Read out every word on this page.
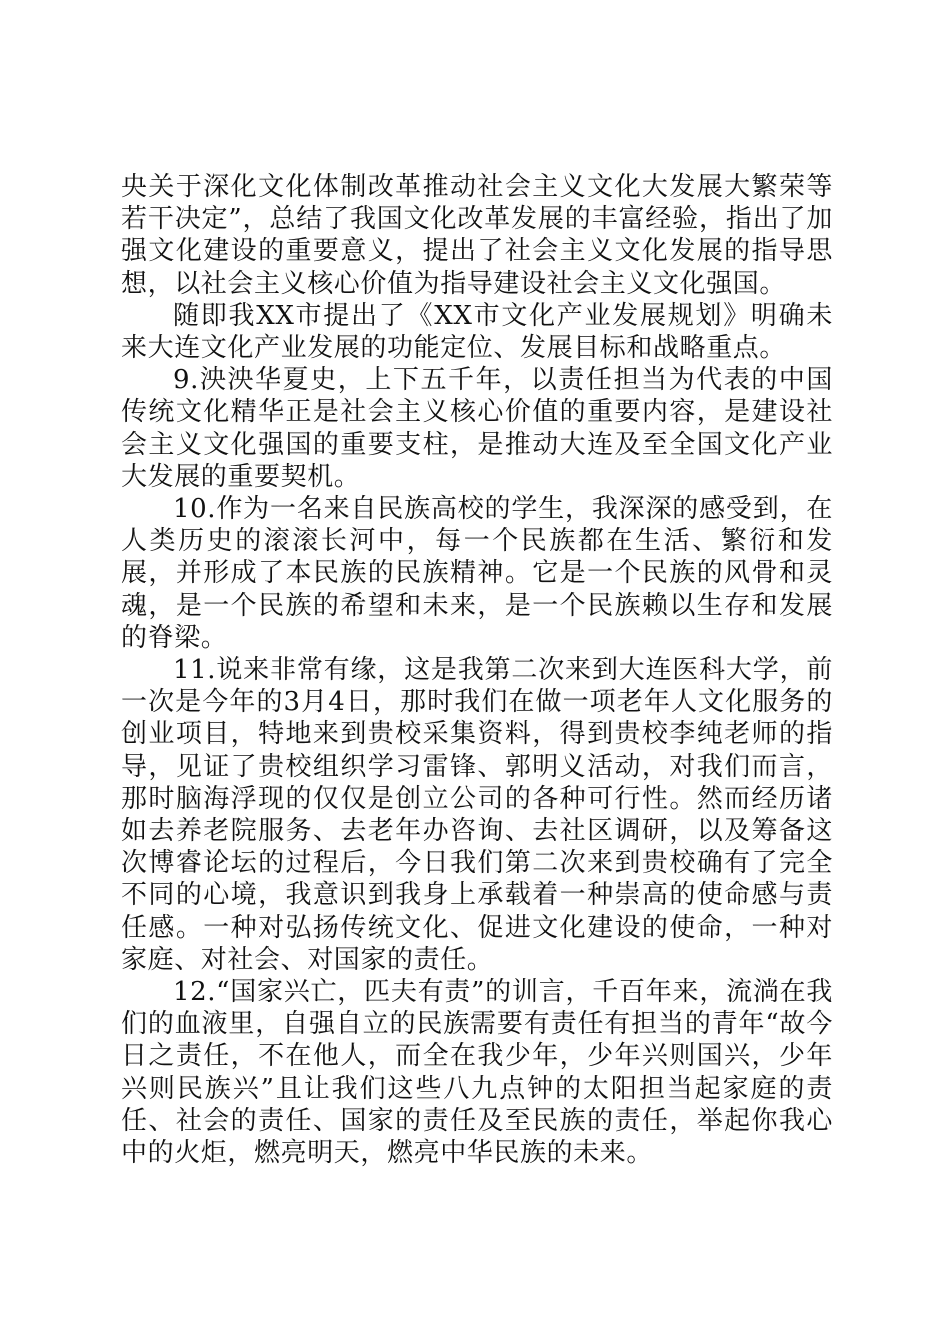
央关于深化文化体制改革推动社会主义文化大发展大繁荣等若干决定”，总结了我国文化改革发展的丰富经验，指出了加强文化建设的重要意义，提出了社会主义文化发展的指导思想，以社会主义核心价值为指导建设社会主义文化强国。

随即我XX市提出了《XX市文化产业发展规划》明确未来大连文化产业发展的功能定位、发展目标和战略重点。

9.泱泱华夏史，上下五千年，以责任担当为代表的中国传统文化精华正是社会主义核心价值的重要内容，是建设社会主义文化强国的重要支柱，是推动大连及至全国文化产业大发展的重要契机。

10.作为一名来自民族高校的学生，我深深的感受到，在人类历史的滚滚长河中，每一个民族都在生活、繁衍和发展，并形成了本民族的民族精神。它是一个民族的风骨和灵魂，是一个民族的希望和未来，是一个民族赖以生存和发展的脊梁。

11.说来非常有缘，这是我第二次来到大连医科大学，前一次是今年的3月4日，那时我们在做一项老年人文化服务的创业项目，特地来到贵校采集资料，得到贵校李纯老师的指导，见证了贵校组织学习雷锋、郭明义活动，对我们而言，那时脑海浮现的仅仅是创立公司的各种可行性。然而经历诸如去养老院服务、去老年办咨询、去社区调研，以及筹备这次博睿论坛的过程后，今日我们第二次来到贵校确有了完全不同的心境，我意识到我身上承载着一种崇高的使命感与责任感。一种对弘扬传统文化、促进文化建设的使命，一种对家庭、对社会、对国家的责任。

12.“国家兴亡，匹夫有责”的训言，千百年来，流淌在我们的血液里，自强自立的民族需要有责任有担当的青年“故今日之责任，不在他人，而全在我少年，少年兴则国兴，少年兴则民族兴”且让我们这些八九点钟的太阳担当起家庭的责任、社会的责任、国家的责任及至民族的责任，举起你我心中的火炬，燃亮明天，燃亮中华民族的未来。
